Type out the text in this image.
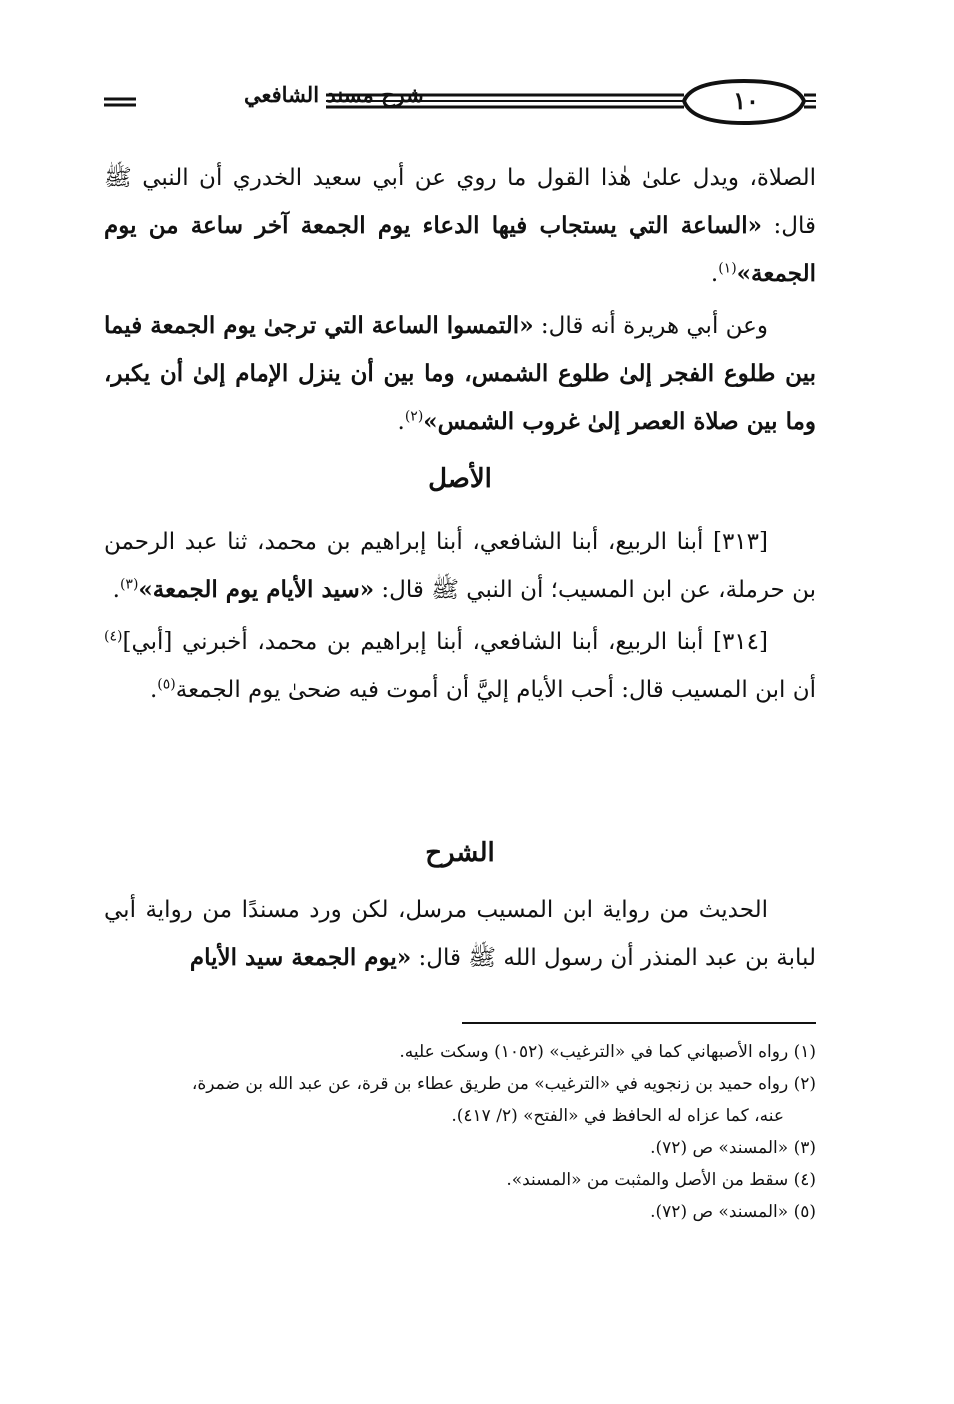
شرح مسند الشافعي	١٠

الصلاة، ويدل علىٰ هٰذا القول ما روي عن أبي سعيد الخدري أن النبي ﷺ قال: «الساعة التي يستجاب فيها الدعاء يوم الجمعة آخر ساعة من يوم الجمعة»$^{(١)}$.

وعن أبي هريرة أنه قال: «التمسوا الساعة التي ترجىٰ يوم الجمعة فيما بين طلوع الفجر إلىٰ طلوع الشمس، وما بين أن ينزل الإمام إلىٰ أن يكبر، وما بين صلاة العصر إلىٰ غروب الشمس»$^{(٢)}$.

الأصل

[٣١٣] أبنا الربيع، أبنا الشافعي، أبنا إبراهيم بن محمد، ثنا عبد الرحمن بن حرملة، عن ابن المسيب؛ أن النبي ﷺ قال: «سيد الأيام يوم الجمعة»$^{(٣)}$.

[٣١٤] أبنا الربيع، أبنا الشافعي، أبنا إبراهيم بن محمد، أخبرني [أبي]$^{(٤)}$ أن ابن المسيب قال: أحب الأيام إليَّ أن أموت فيه ضحىٰ يوم الجمعة$^{(٥)}$.

الشرح

الحديث من رواية ابن المسيب مرسل، لكن ورد مسندًا من رواية أبي لبابة بن عبد المنذر أن رسول الله ﷺ قال: «يوم الجمعة سيد الأيام

(١) رواه الأصبهاني كما في «الترغيب» (١٠٥٢) وسكت عليه.

(٢) رواه حميد بن زنجويه في «الترغيب» من طريق عطاء بن قرة، عن عبد الله بن ضمرة،

عنه، كما عزاه له الحافظ في «الفتح» (٢/ ٤١٧).

(٣) «المسند» ص (٧٢).

(٤) سقط من الأصل والمثبت من «المسند».

(٥) «المسند» ص (٧٢).
